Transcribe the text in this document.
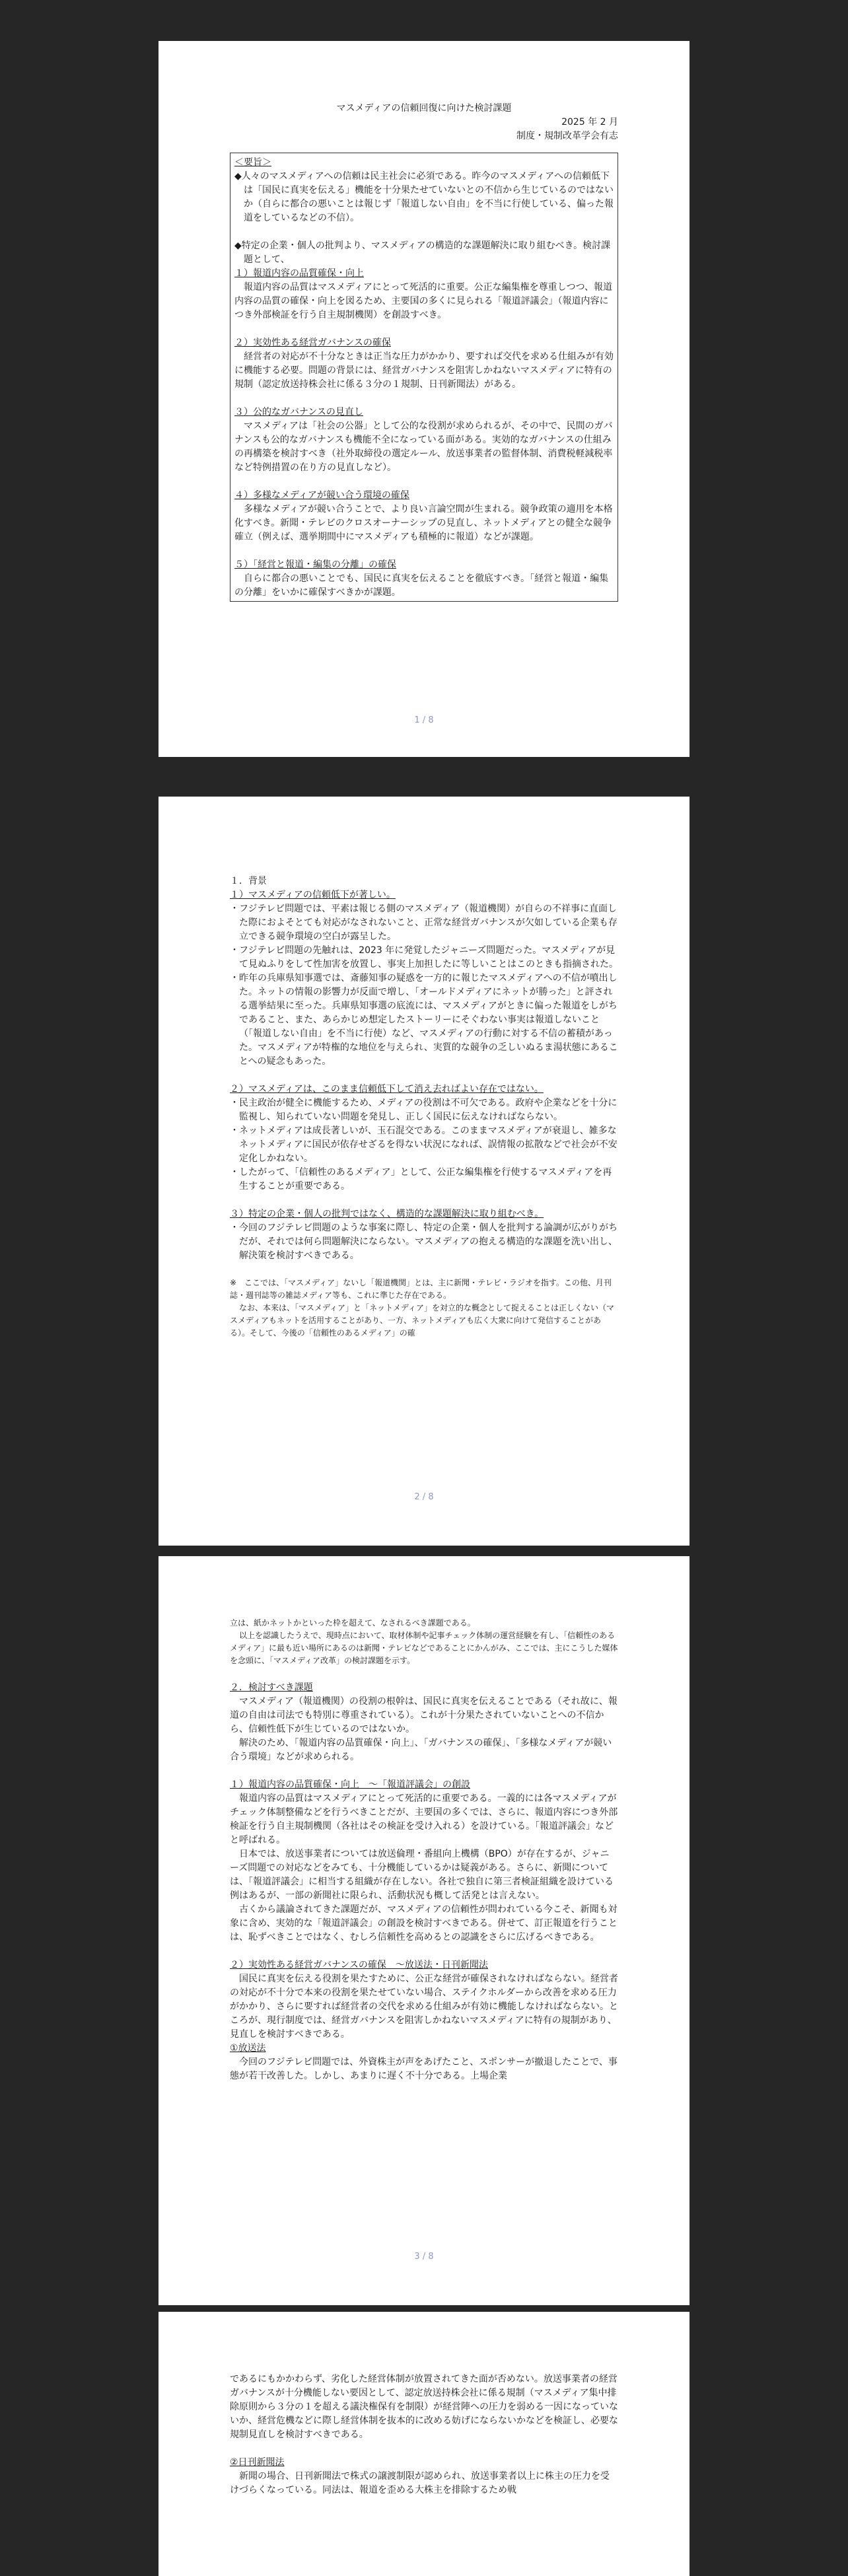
マスメディアの信頼回復に向けた検討課題

2025 年 2 月

制度・規制改革学会有志

＜要旨＞

◆人々のマスメディアへの信頼は民主社会に必須である。昨今のマスメディアへの信頼低下は「国民に真実を伝える」機能を十分果たせていないとの不信から生じているのではないか（自らに都合の悪いことは報じず「報道しない自由」を不当に行使している、偏った報道をしているなどの不信）。

◆特定の企業・個人の批判より、マスメディアの構造的な課題解決に取り組むべき。検討課題として、

１）報道内容の品質確保・向上

報道内容の品質はマスメディアにとって死活的に重要。公正な編集権を尊重しつつ、報道内容の品質の確保・向上を図るため、主要国の多くに見られる「報道評議会」（報道内容につき外部検証を行う自主規制機関）を創設すべき。

２）実効性ある経営ガバナンスの確保

経営者の対応が不十分なときは正当な圧力がかかり、要すれば交代を求める仕組みが有効に機能する必要。問題の背景には、経営ガバナンスを阻害しかねないマスメディアに特有の規制（認定放送持株会社に係る３分の１規制、日刊新聞法）がある。

３）公的なガバナンスの見直し

マスメディアは「社会の公器」として公的な役割が求められるが、その中で、民間のガバナンスも公的なガバナンスも機能不全になっている面がある。実効的なガバナンスの仕組みの再構築を検討すべき（社外取締役の選定ルール、放送事業者の監督体制、消費税軽減税率など特例措置の在り方の見直しなど）。

４）多様なメディアが競い合う環境の確保

多様なメディアが競い合うことで、より良い言論空間が生まれる。競争政策の適用を本格化すべき。新聞・テレビのクロスオーナーシップの見直し、ネットメディアとの健全な競争確立（例えば、選挙期間中にマスメディアも積極的に報道）などが課題。

５）「経営と報道・編集の分離」の確保

自らに都合の悪いことでも、国民に真実を伝えることを徹底すべき。「経営と報道・編集の分離」をいかに確保すべきかが課題。

1 / 8

１．背景

１）マスメディアの信頼低下が著しい。

・フジテレビ問題では、平素は報じる側のマスメディア（報道機関）が自らの不祥事に直面した際におよそとても対応がなされないこと、正常な経営ガバナンスが欠如している企業も存立できる競争環境の空白が露呈した。

・フジテレビ問題の先触れは、2023 年に発覚したジャニーズ問題だった。マスメディアが見て見ぬふりをして性加害を放置し、事実上加担したに等しいことはこのときも指摘された。

・昨年の兵庫県知事選では、斎藤知事の疑惑を一方的に報じたマスメディアへの不信が噴出した。ネットの情報の影響力が反面で増し、「オールドメディアにネットが勝った」と評される選挙結果に至った。兵庫県知事選の底流には、マスメディアがときに偏った報道をしがちであること、また、あらかじめ想定したストーリーにそぐわない事実は報道しないこと（「報道しない自由」を不当に行使）など、マスメディアの行動に対する不信の蓄積があった。マスメディアが特権的な地位を与えられ、実質的な競争の乏しいぬるま湯状態にあることへの疑念もあった。

２）マスメディアは、このまま信頼低下して消え去ればよい存在ではない。

・民主政治が健全に機能するため、メディアの役割は不可欠である。政府や企業などを十分に監視し、知られていない問題を発見し、正しく国民に伝えなければならない。

・ネットメディアは成長著しいが、玉石混交である。このままマスメディアが衰退し、雑多なネットメディアに国民が依存せざるを得ない状況になれば、誤情報の拡散などで社会が不安定化しかねない。

・したがって、「信頼性のあるメディア」として、公正な編集権を行使するマスメディアを再生することが重要である。

３）特定の企業・個人の批判ではなく、構造的な課題解決に取り組むべき。

・今回のフジテレビ問題のような事案に際し、特定の企業・個人を批判する論調が広がりがちだが、それでは何ら問題解決にならない。マスメディアの抱える構造的な課題を洗い出し、解決策を検討すべきである。

※　ここでは、「マスメディア」ないし「報道機関」とは、主に新聞・テレビ・ラジオを指す。この他、月刊誌・週刊誌等の雑誌メディア等も、これに準じた存在である。

なお、本来は、「マスメディア」と「ネットメディア」を対立的な概念として捉えることは正しくない（マスメディアもネットを活用することがあり、一方、ネットメディアも広く大衆に向けて発信することがある）。そして、今後の「信頼性のあるメディア」の確

2 / 8

立は、紙かネットかといった枠を超えて、なされるべき課題である。

以上を認識したうえで、現時点において、取材体制や記事チェック体制の運営経験を有し、「信頼性のあるメディア」に最も近い場所にあるのは新聞・テレビなどであることにかんがみ、ここでは、主にこうした媒体を念頭に、「マスメディア改革」の検討課題を示す。

２．検討すべき課題

マスメディア（報道機関）の役割の根幹は、国民に真実を伝えることである（それ故に、報道の自由は司法でも特別に尊重されている）。これが十分果たされていないことへの不信から、信頼性低下が生じているのではないか。

解決のため、「報道内容の品質確保・向上」、「ガバナンスの確保」、「多様なメディアが競い合う環境」などが求められる。

１）報道内容の品質確保・向上　～「報道評議会」の創設

報道内容の品質はマスメディアにとって死活的に重要である。一義的には各マスメディアがチェック体制整備などを行うべきことだが、主要国の多くでは、さらに、報道内容につき外部検証を行う自主規制機関（各社はその検証を受け入れる）を設けている。「報道評議会」などと呼ばれる。

日本では、放送事業者については放送倫理・番組向上機構（BPO）が存在するが、ジャニーズ問題での対応などをみても、十分機能しているかは疑義がある。さらに、新聞については、「報道評議会」に相当する組織が存在しない。各社で独自に第三者検証組織を設けている例はあるが、一部の新聞社に限られ、活動状況も概して活発とは言えない。

古くから議論されてきた課題だが、マスメディアの信頼性が問われている今こそ、新聞も対象に含め、実効的な「報道評議会」の創設を検討すべきである。併せて、訂正報道を行うことは、恥ずべきことではなく、むしろ信頼性を高めるとの認識をさらに広げるべきである。

２）実効性ある経営ガバナンスの確保　～放送法・日刊新聞法

国民に真実を伝える役割を果たすために、公正な経営が確保されなければならない。経営者の対応が不十分で本来の役割を果たせていない場合、ステイクホルダーから改善を求める圧力がかかり、さらに要すれば経営者の交代を求める仕組みが有効に機能しなければならない。ところが、現行制度では、経営ガバナンスを阻害しかねないマスメディアに特有の規制があり、見直しを検討すべきである。

①放送法

今回のフジテレビ問題では、外資株主が声をあげたこと、スポンサーが撤退したことで、事態が若干改善した。しかし、あまりに遅く不十分である。上場企業

3 / 8

であるにもかかわらず、劣化した経営体制が放置されてきた面が否めない。放送事業者の経営ガバナンスが十分機能しない要因として、認定放送持株会社に係る規制（マスメディア集中排除原則から３分の１を超える議決権保有を制限）が経営陣への圧力を弱める一因になっていないか、経営危機などに際し経営体制を抜本的に改める妨げにならないかなどを検証し、必要な規制見直しを検討すべきである。

②日刊新聞法

新聞の場合、日刊新聞法で株式の譲渡制限が認められ、放送事業者以上に株主の圧力を受けづらくなっている。同法は、報道を歪める大株主を排除するため戦
